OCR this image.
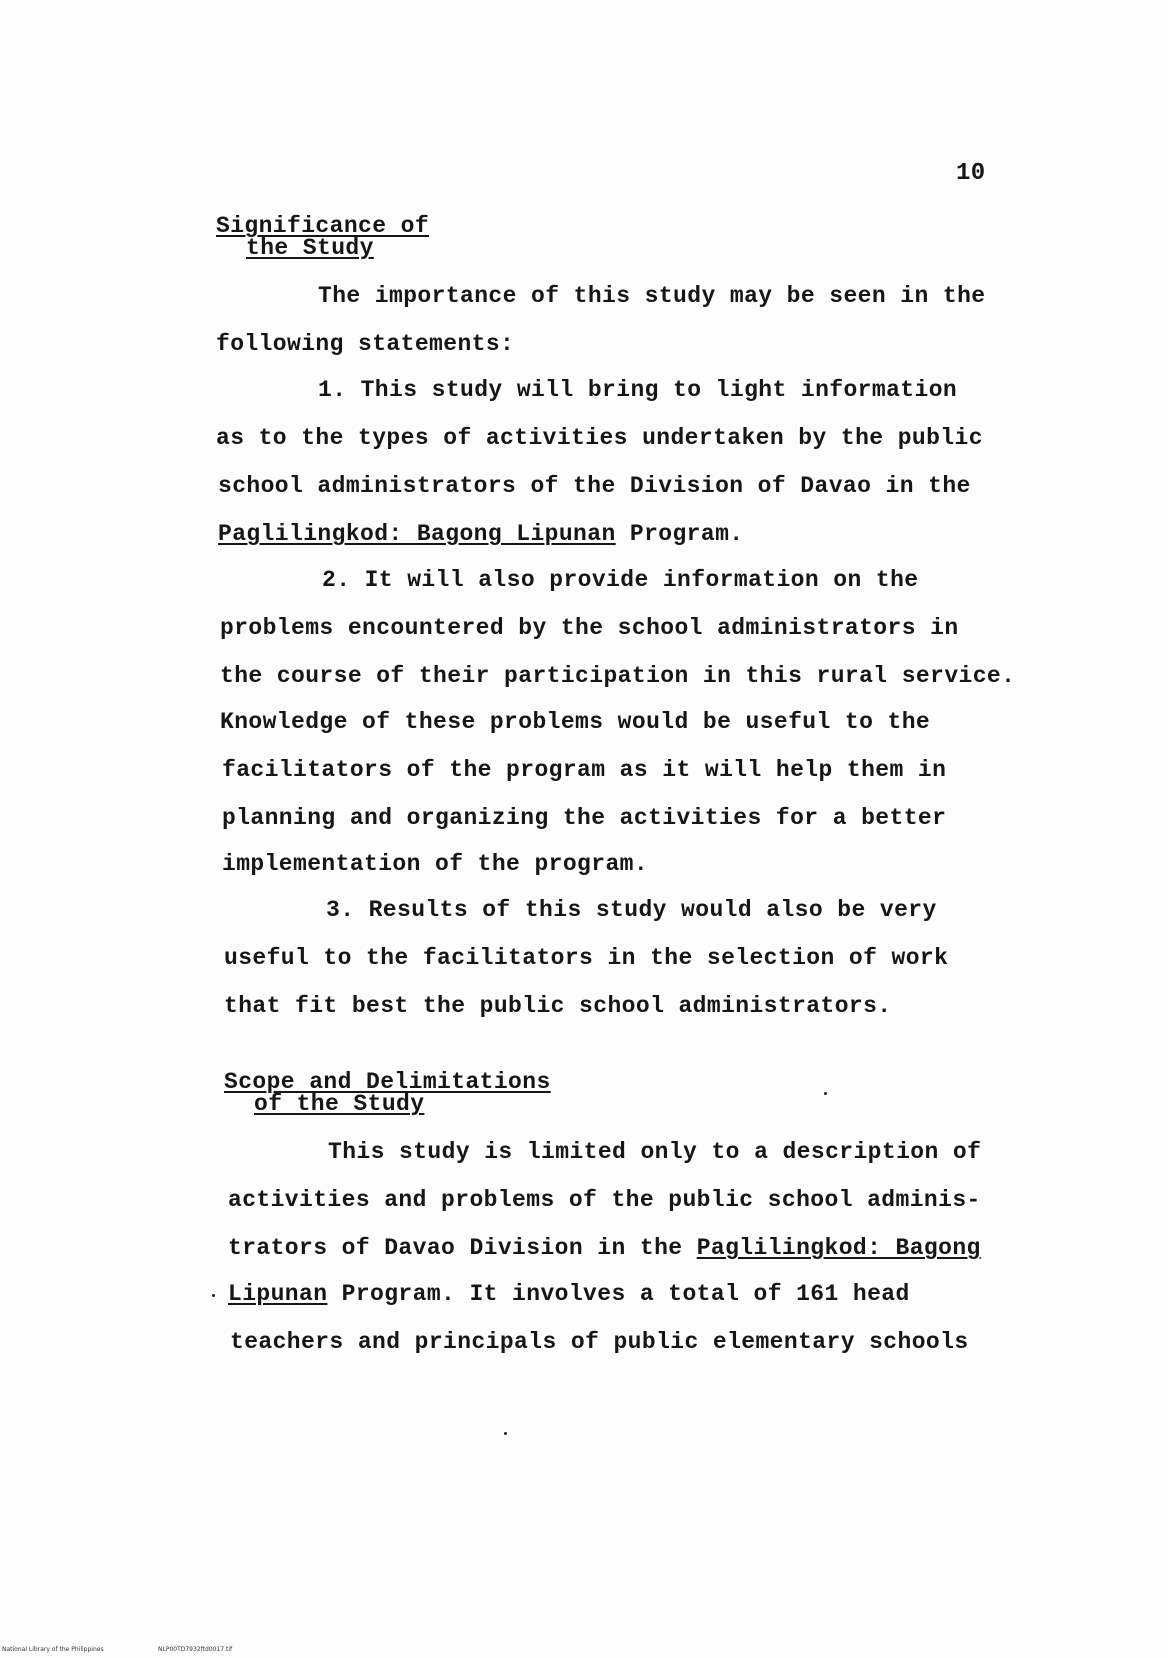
10
Significance of
the Study
The importance of this study may be seen in the
following statements:
1. This study will bring to light information
as to the types of activities undertaken by the public
school administrators of the Division of Davao in the
Paglilingkod: Bagong Lipunan Program.
2. It will also provide information on the
problems encountered by the school administrators in
the course of their participation in this rural service.
Knowledge of these problems would be useful to the
facilitators of the program as it will help them in
planning and organizing the activities for a better
implementation of the program.
3. Results of this study would also be very
useful to the facilitators in the selection of work
that fit best the public school administrators.
Scope and Delimitations
of the Study
This study is limited only to a description of
activities and problems of the public school adminis-
trators of Davao Division in the Paglilingkod: Bagong
Lipunan Program. It involves a total of 161 head
teachers and principals of public elementary schools
National Library of the Philippines	NLP00TD7932ftd0017.tif
